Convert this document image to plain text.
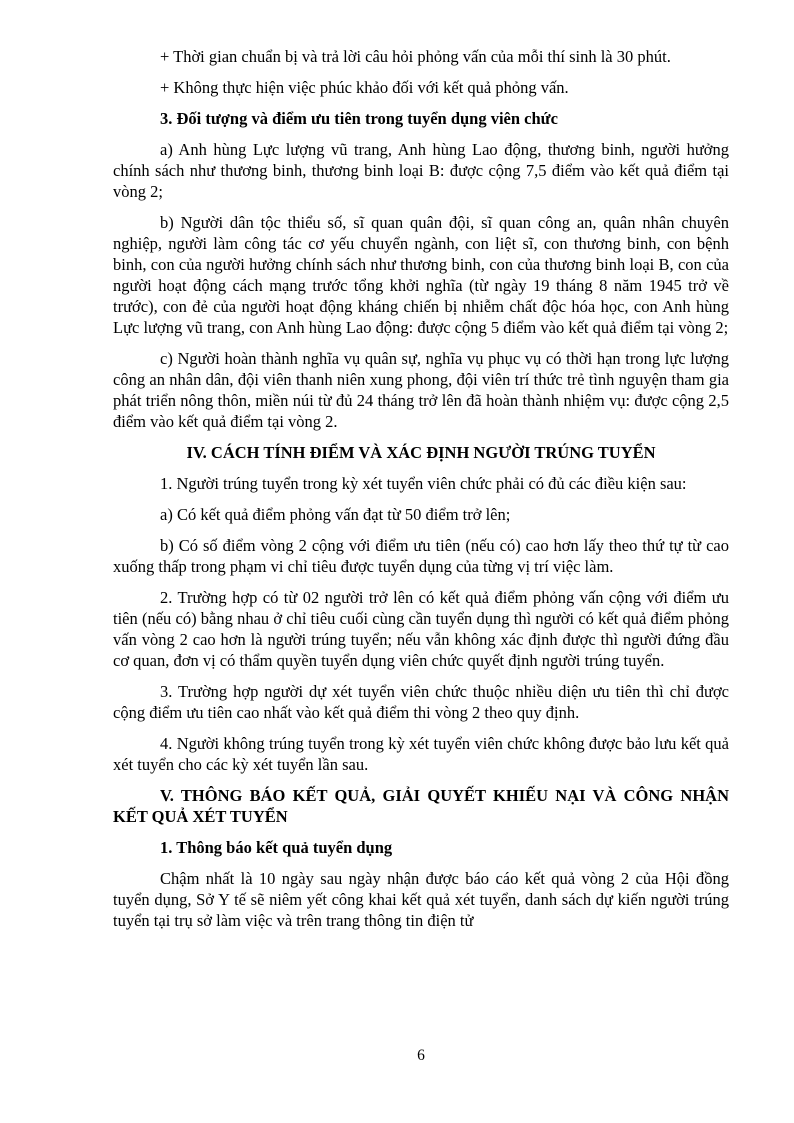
+ Thời gian chuẩn bị và trả lời câu hỏi phỏng vấn của mỗi thí sinh là 30 phút.

+ Không thực hiện việc phúc khảo đối với kết quả phỏng vấn.

3. Đối tượng và điểm ưu tiên trong tuyển dụng viên chức

a) Anh hùng Lực lượng vũ trang, Anh hùng Lao động, thương binh, người hưởng chính sách như thương binh, thương binh loại B: được cộng 7,5 điểm vào kết quả điểm tại vòng 2;

b) Người dân tộc thiểu số, sĩ quan quân đội, sĩ quan công an, quân nhân chuyên nghiệp, người làm công tác cơ yếu chuyển ngành, con liệt sĩ, con thương binh, con bệnh binh, con của người hưởng chính sách như thương binh, con của thương binh loại B, con của người hoạt động cách mạng trước tổng khởi nghĩa (từ ngày 19 tháng 8 năm 1945 trở về trước), con đẻ của người hoạt động kháng chiến bị nhiễm chất độc hóa học, con Anh hùng Lực lượng vũ trang, con Anh hùng Lao động: được cộng 5 điểm vào kết quả điểm tại vòng 2;

c) Người hoàn thành nghĩa vụ quân sự, nghĩa vụ phục vụ có thời hạn trong lực lượng công an nhân dân, đội viên thanh niên xung phong, đội viên trí thức trẻ tình nguyện tham gia phát triển nông thôn, miền núi từ đủ 24 tháng trở lên đã hoàn thành nhiệm vụ: được cộng 2,5 điểm vào kết quả điểm tại vòng 2.

IV. CÁCH TÍNH ĐIỂM VÀ XÁC ĐỊNH NGƯỜI TRÚNG TUYỂN

1. Người trúng tuyển trong kỳ xét tuyển viên chức phải có đủ các điều kiện sau:

a) Có kết quả điểm phỏng vấn đạt từ 50 điểm trở lên;

b) Có số điểm vòng 2 cộng với điểm ưu tiên (nếu có) cao hơn lấy theo thứ tự từ cao xuống thấp trong phạm vi chỉ tiêu được tuyển dụng của từng vị trí việc làm.

2. Trường hợp có từ 02 người trở lên có kết quả điểm phỏng vấn cộng với điểm ưu tiên (nếu có) bằng nhau ở chỉ tiêu cuối cùng cần tuyển dụng thì người có kết quả điểm phỏng vấn vòng 2 cao hơn là người trúng tuyển; nếu vẫn không xác định được thì người đứng đầu cơ quan, đơn vị có thẩm quyền tuyển dụng viên chức quyết định người trúng tuyển.

3. Trường hợp người dự xét tuyển viên chức thuộc nhiều diện ưu tiên thì chỉ được cộng điểm ưu tiên cao nhất vào kết quả điểm thi vòng 2 theo quy định.

4. Người không trúng tuyển trong kỳ xét tuyển viên chức không được bảo lưu kết quả xét tuyển cho các kỳ xét tuyển lần sau.

V. THÔNG BÁO KẾT QUẢ, GIẢI QUYẾT KHIẾU NẠI VÀ CÔNG NHẬN KẾT QUẢ XÉT TUYỂN

1. Thông báo kết quả tuyển dụng

Chậm nhất là 10 ngày sau ngày nhận được báo cáo kết quả vòng 2 của Hội đồng tuyển dụng, Sở Y tế sẽ niêm yết công khai kết quả xét tuyển, danh sách dự kiến người trúng tuyển tại trụ sở làm việc và trên trang thông tin điện tử

6
